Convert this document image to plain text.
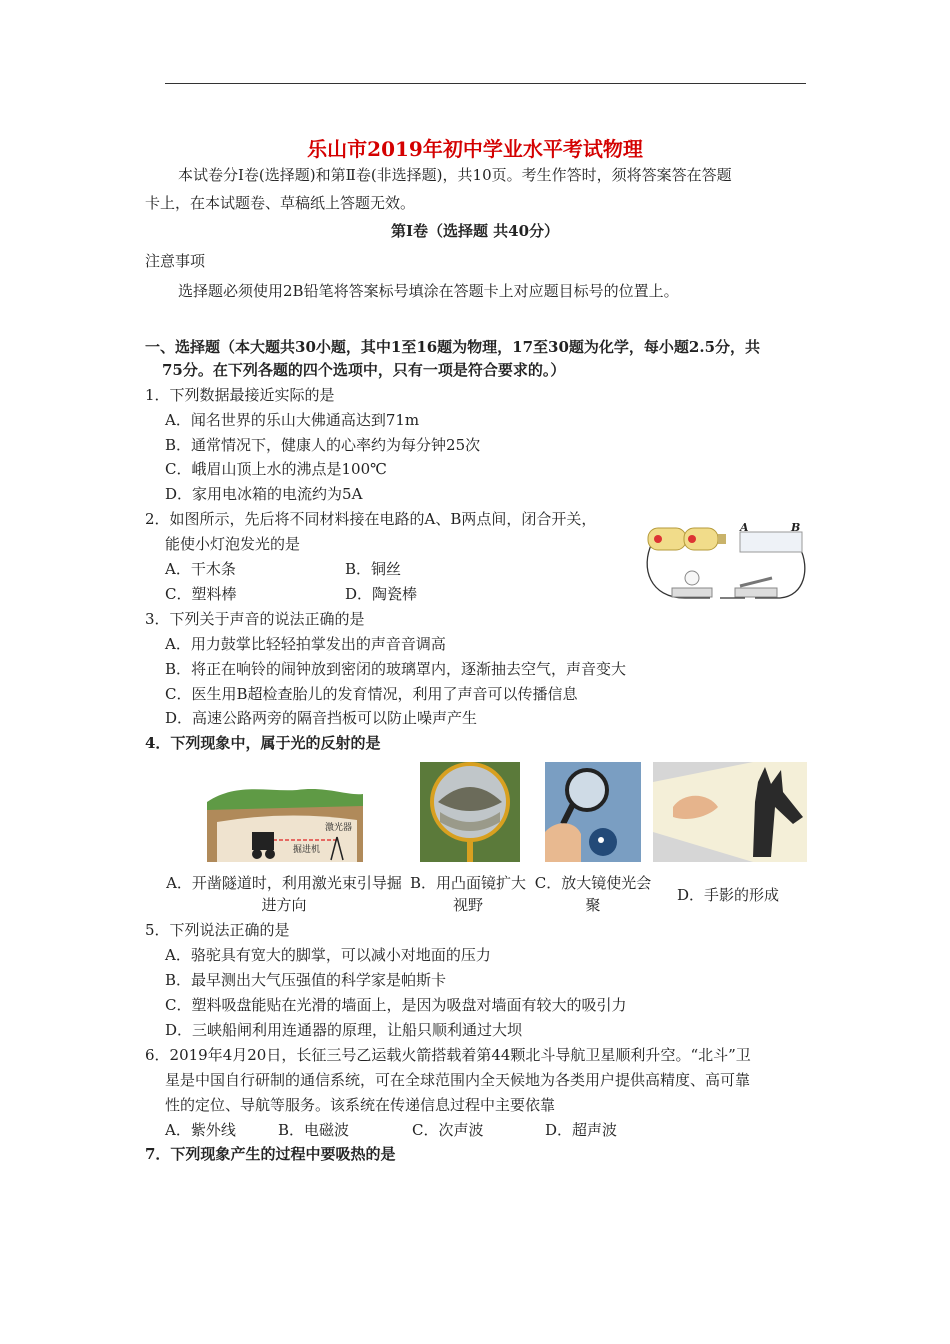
乐山市2019年初中学业水平考试物理
本试卷分Ⅰ卷(选择题)和第Ⅱ卷(非选择题)，共10页。考生作答时，须将答案答在答题
卡上，在本试题卷、草稿纸上答题无效。
第Ⅰ卷（选择题 共40分）
注意事项
选择题必须使用2B铅笔将答案标号填涂在答题卡上对应题目标号的位置上。
一、选择题（本大题共30小题，其中1至16题为物理，17至30题为化学，每小题2.5分，共
75分。在下列各题的四个选项中，只有一项是符合要求的。）
1．下列数据最接近实际的是
A．闻名世界的乐山大佛通高达到71m
B．通常情况下，健康人的心率约为每分钟25次
C．峨眉山顶上水的沸点是100℃
D．家用电冰箱的电流约为5A
2．如图所示，先后将不同材料接在电路的A、B两点间，闭合开关，
能使小灯泡发光的是
A．干木条	B．铜丝
C．塑料棒	D．陶瓷棒
A	B
3．下列关于声音的说法正确的是
A．用力鼓掌比轻轻拍掌发出的声音音调高
B．将正在响铃的闹钟放到密闭的玻璃罩内，逐渐抽去空气，声音变大
C．医生用B超检查胎儿的发育情况，利用了声音可以传播信息
D．高速公路两旁的隔音挡板可以防止噪声产生
4．下列现象中，属于光的反射的是
激光器
掘进机
A．开凿隧道时，利用激光束引导掘进方向
B．用凸面镜扩大视野
C．放大镜使光会聚
D．手影的形成
5．下列说法正确的是
A．骆驼具有宽大的脚掌，可以减小对地面的压力
B．最早测出大气压强值的科学家是帕斯卡
C．塑料吸盘能贴在光滑的墙面上，是因为吸盘对墙面有较大的吸引力
D．三峡船闸利用连通器的原理，让船只顺利通过大坝
6．2019年4月20日，长征三号乙运载火箭搭载着第44颗北斗导航卫星顺利升空。“北斗”卫
星是中国自行研制的通信系统，可在全球范围内全天候地为各类用户提供高精度、高可靠
性的定位、导航等服务。该系统在传递信息过程中主要依靠
A．紫外线	B．电磁波	C．次声波	D．超声波
7．下列现象产生的过程中要吸热的是
